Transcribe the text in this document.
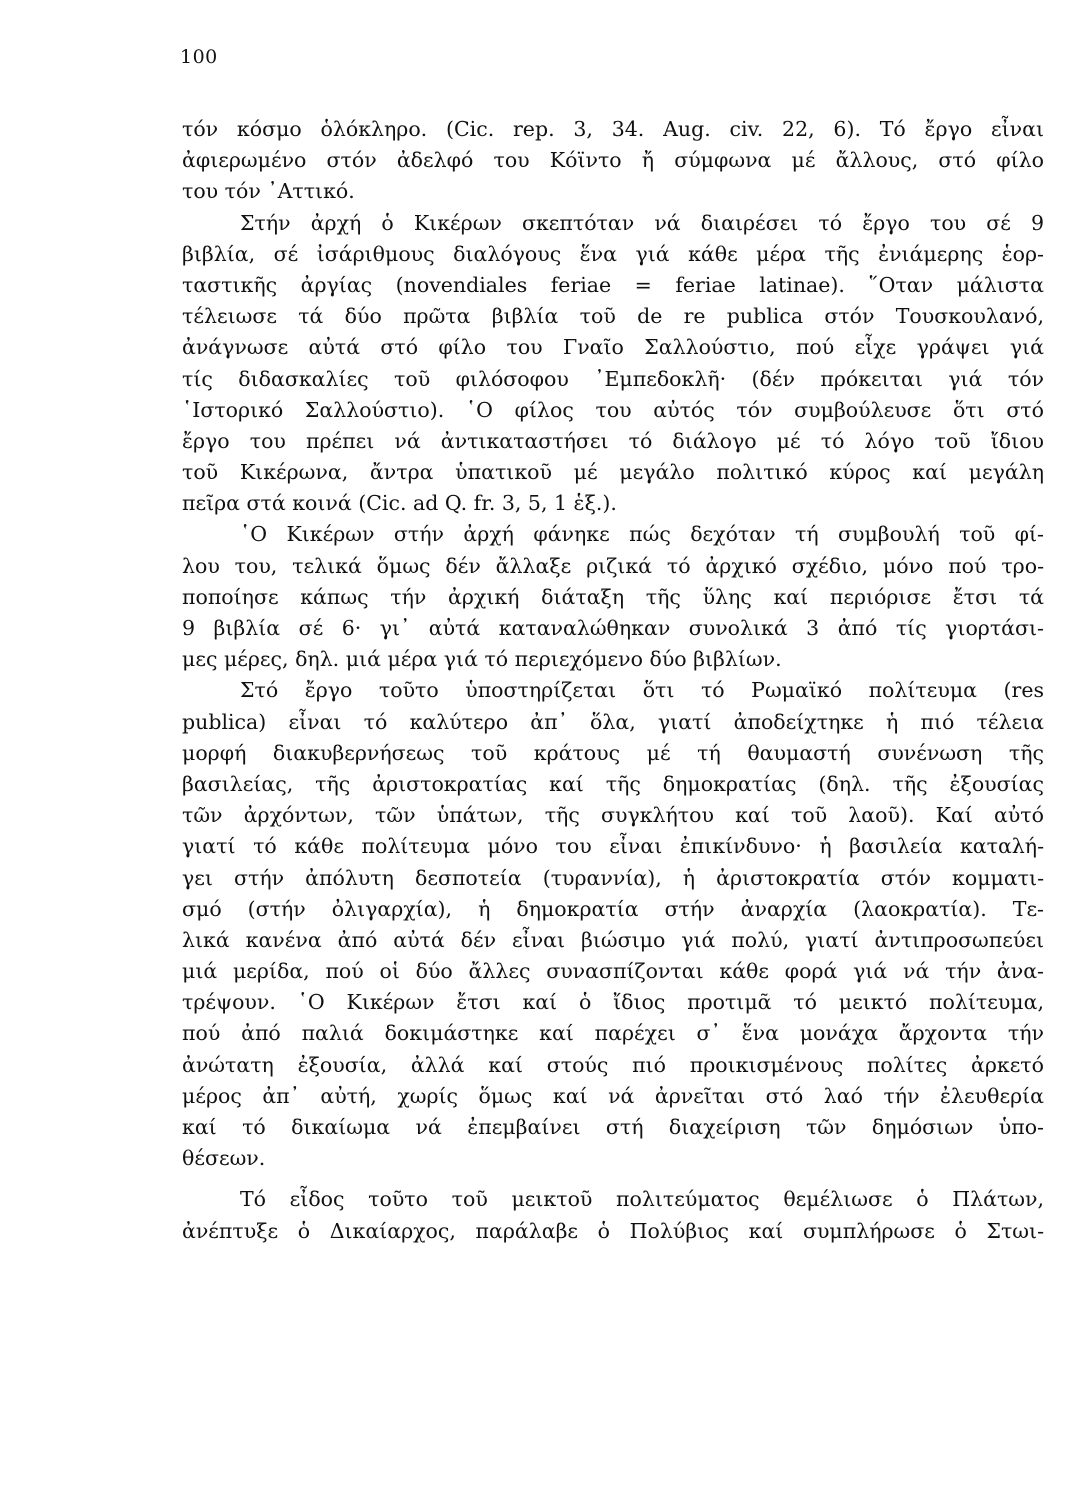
100
τόν κόσμο ὁλόκληρο. (Cic. rep. 3, 34. Aug. civ. 22, 6). Τό ἔργο εἶναι
ἀφιερωμένο στόν ἀδελφό του Κόϊντο ἤ σύμφωνα μέ ἄλλους, στό φίλο
του τόν ᾿Αττικό.
Στήν ἀρχή ὁ Κικέρων σκεπτόταν νά διαιρέσει τό ἔργο του σέ 9
βιβλία, σέ ἰσάριθμους διαλόγους ἕνα γιά κάθε μέρα τῆς ἐνιάμερης ἑορ-
ταστικῆς ἀργίας (novendiales feriae = feriae latinae). ῞Οταν μάλιστα
τέλειωσε τά δύο πρῶτα βιβλία τοῦ de re publica στόν Τουσκουλανό,
ἀνάγνωσε αὐτά στό φίλο του Γναῖο Σαλλούστιο, πού εἶχε γράψει γιά
τίς διδασκαλίες τοῦ φιλόσοφου ᾿Εμπεδοκλῆ· (δέν πρόκειται γιά τόν
῾Ιστορικό Σαλλούστιο). ῾Ο φίλος του αὐτός τόν συμβούλευσε ὅτι στό
ἔργο του πρέπει νά ἀντικαταστήσει τό διάλογο μέ τό λόγο τοῦ ἴδιου
τοῦ Κικέρωνα, ἄντρα ὑπατικοῦ μέ μεγάλο πολιτικό κύρος καί μεγάλη
πεῖρα στά κοινά (Cic. ad Q. fr. 3, 5, 1 ἑξ.).
῾Ο Κικέρων στήν ἀρχή φάνηκε πώς δεχόταν τή συμβουλή τοῦ φί-
λου του, τελικά ὅμως δέν ἄλλαξε ριζικά τό ἀρχικό σχέδιο, μόνο πού τρο-
ποποίησε κάπως τήν ἀρχική διάταξη τῆς ὕλης καί περιόρισε ἔτσι τά
9 βιβλία σέ 6· γι᾿ αὐτά καταναλώθηκαν συνολικά 3 ἀπό τίς γιορτάσι-
μες μέρες, δηλ. μιά μέρα γιά τό περιεχόμενο δύο βιβλίων.
Στό ἔργο τοῦτο ὑποστηρίζεται ὅτι τό Ρωμαϊκό πολίτευμα (res
publica) εἶναι τό καλύτερο ἀπ᾿ ὅλα, γιατί ἀποδείχτηκε ἡ πιό τέλεια
μορφή διακυβερνήσεως τοῦ κράτους μέ τή θαυμαστή συνένωση τῆς
βασιλείας, τῆς ἀριστοκρατίας καί τῆς δημοκρατίας (δηλ. τῆς ἐξουσίας
τῶν ἀρχόντων, τῶν ὑπάτων, τῆς συγκλήτου καί τοῦ λαοῦ). Καί αὐτό
γιατί τό κάθε πολίτευμα μόνο του εἶναι ἐπικίνδυνο· ἡ βασιλεία καταλή-
γει στήν ἀπόλυτη δεσποτεία (τυραννία), ἡ ἀριστοκρατία στόν κομματι-
σμό (στήν ὀλιγαρχία), ἡ δημοκρατία στήν ἀναρχία (λαοκρατία). Τε-
λικά κανένα ἀπό αὐτά δέν εἶναι βιώσιμο γιά πολύ, γιατί ἀντιπροσωπεύει
μιά μερίδα, πού οἱ δύο ἄλλες συνασπίζονται κάθε φορά γιά νά τήν ἀνα-
τρέψουν. ῾Ο Κικέρων ἔτσι καί ὁ ἴδιος προτιμᾶ τό μεικτό πολίτευμα,
πού ἀπό παλιά δοκιμάστηκε καί παρέχει σ᾿ ἕνα μονάχα ἄρχοντα τήν
ἀνώτατη ἐξουσία, ἀλλά καί στούς πιό προικισμένους πολίτες ἀρκετό
μέρος ἀπ᾿ αὐτή, χωρίς ὅμως καί νά ἀρνεῖται στό λαό τήν ἐλευθερία
καί τό δικαίωμα νά ἐπεμβαίνει στή διαχείριση τῶν δημόσιων ὑπο-
θέσεων.
Τό εἶδος τοῦτο τοῦ μεικτοῦ πολιτεύματος θεμέλιωσε ὁ Πλάτων,
ἀνέπτυξε ὁ Δικαίαρχος, παράλαβε ὁ Πολύβιος καί συμπλήρωσε ὁ Στωι-
